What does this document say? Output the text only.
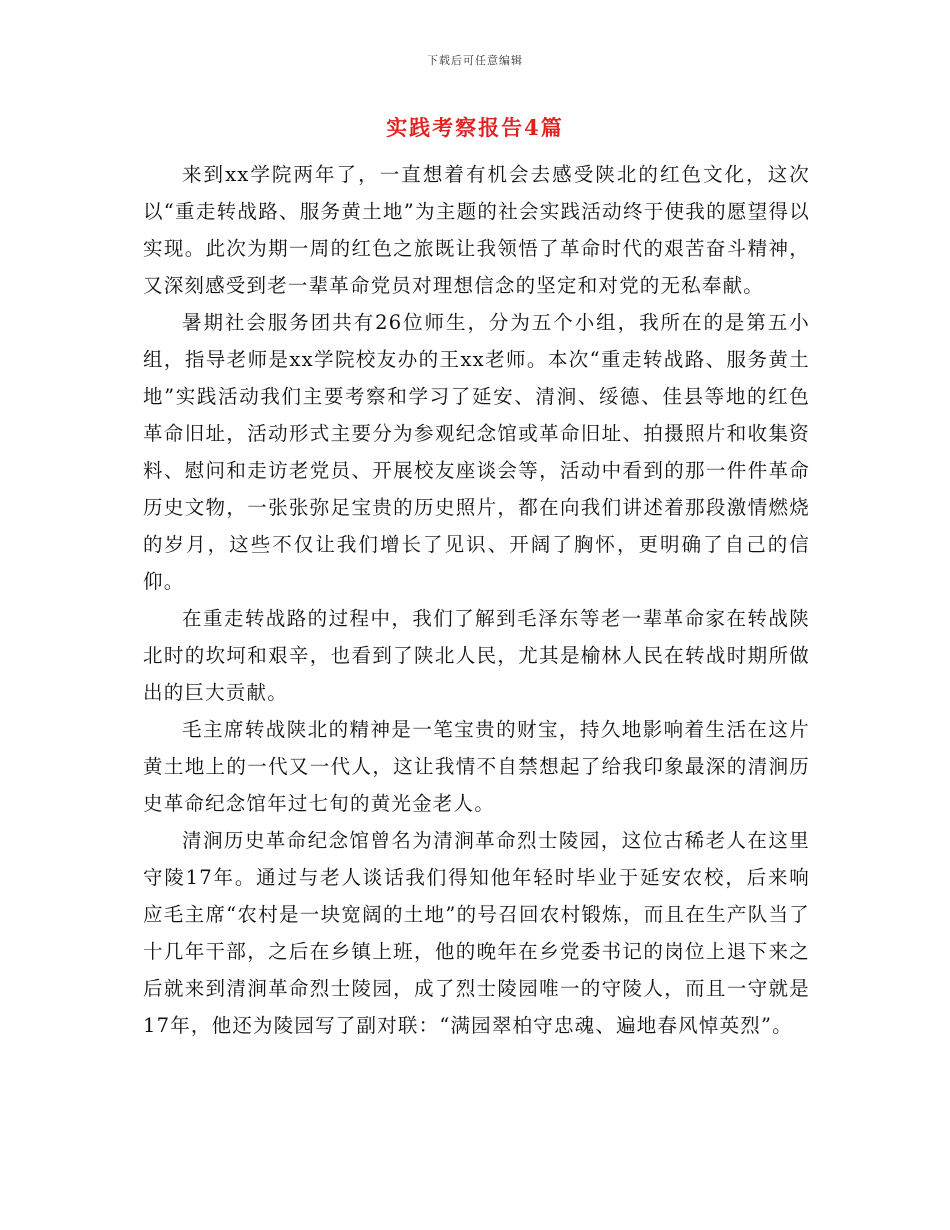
下载后可任意编辑
实践考察报告4篇

来到xx学院两年了，一直想着有机会去感受陕北的红色文化，这次以“重走转战路、服务黄土地”为主题的社会实践活动终于使我的愿望得以实现。此次为期一周的红色之旅既让我领悟了革命时代的艰苦奋斗精神，又深刻感受到老一辈革命党员对理想信念的坚定和对党的无私奉献。

暑期社会服务团共有26位师生，分为五个小组，我所在的是第五小组，指导老师是xx学院校友办的王xx老师。本次“重走转战路、服务黄土地”实践活动我们主要考察和学习了延安、清涧、绥德、佳县等地的红色革命旧址，活动形式主要分为参观纪念馆或革命旧址、拍摄照片和收集资料、慰问和走访老党员、开展校友座谈会等，活动中看到的那一件件革命历史文物，一张张弥足宝贵的历史照片，都在向我们讲述着那段激情燃烧的岁月，这些不仅让我们增长了见识、开阔了胸怀，更明确了自己的信仰。

在重走转战路的过程中，我们了解到毛泽东等老一辈革命家在转战陕北时的坎坷和艰辛，也看到了陕北人民，尤其是榆林人民在转战时期所做出的巨大贡献。

毛主席转战陕北的精神是一笔宝贵的财宝，持久地影响着生活在这片黄土地上的一代又一代人，这让我情不自禁想起了给我印象最深的清涧历史革命纪念馆年过七旬的黄光金老人。

清涧历史革命纪念馆曾名为清涧革命烈士陵园，这位古稀老人在这里守陵17年。通过与老人谈话我们得知他年轻时毕业于延安农校，后来响应毛主席“农村是一块宽阔的土地”的号召回农村锻炼，而且在生产队当了十几年干部，之后在乡镇上班，他的晚年在乡党委书记的岗位上退下来之后就来到清涧革命烈士陵园，成了烈士陵园唯一的守陵人，而且一守就是17年，他还为陵园写了副对联：“满园翠柏守忠魂、遍地春风悼英烈”。
